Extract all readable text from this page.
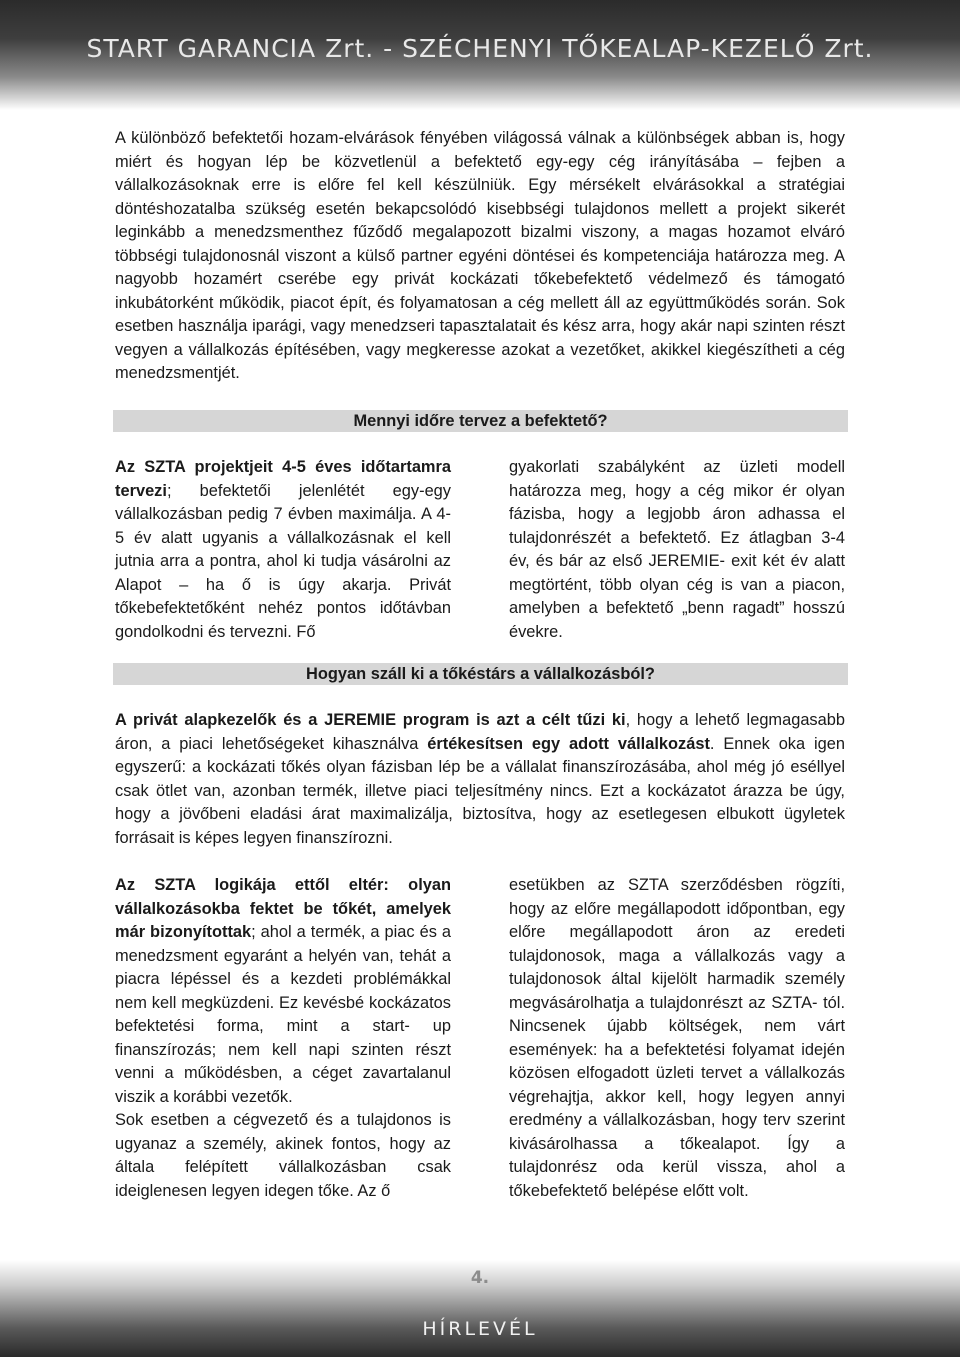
START GARANCIA Zrt. - SZÉCHENYI TŐKEALAP-KEZELŐ Zrt.
A különböző befektetői hozam-elvárások fényében világossá válnak a különbségek abban is, hogy miért és hogyan lép be közvetlenül a befektető egy-egy cég irányításába – fejben a vállalkozásoknak erre is előre fel kell készülniük. Egy mérsékelt elvárásokkal a stratégiai döntéshozatalba szükség esetén bekapcsolódó kisebbségi tulajdonos mellett a projekt sikerét leginkább a menedzsmenthez fűződő megalapozott bizalmi viszony, a magas hozamot elváró többségi tulajdonosnál viszont a külső partner egyéni döntései és kompetenciája határozza meg. A nagyobb hozamért cserébe egy privát kockázati tőkebefektető védelmező és támogató inkubátorként működik, piacot épít, és folyamatosan a cég mellett áll az együttműködés során. Sok esetben használja iparági, vagy menedzseri tapasztalatait és kész arra, hogy akár napi szinten részt vegyen a vállalkozás építésében, vagy megkeresse azokat a vezetőket, akikkel kiegészítheti a cég menedzsmentjét.
Mennyi időre tervez a befektető?
Az SZTA projektjeit 4-5 éves időtartamra tervezi; befektetői jelenlétét egy-egy vállalkozásban pedig 7 évben maximálja. A 4-5 év alatt ugyanis a vállalkozásnak el kell jutnia arra a pontra, ahol ki tudja vásárolni az Alapot – ha ő is úgy akarja. Privát tőkebefektetőként nehéz pontos időtávban gondolkodni és tervezni. Fő
gyakorlati szabályként az üzleti modell határozza meg, hogy a cég mikor ér olyan fázisba, hogy a legjobb áron adhassa el tulajdonrészét a befektető. Ez átlagban 3-4 év, és bár az első JEREMIE- exit két év alatt megtörtént, több olyan cég is van a piacon, amelyben a befektető „benn ragadt” hosszú évekre.
Hogyan száll ki a tőkéstárs a vállalkozásból?
A privát alapkezelők és a JEREMIE program is azt a célt tűzi ki, hogy a lehető legmagasabb áron, a piaci lehetőségeket kihasználva értékesítsen egy adott vállalkozást. Ennek oka igen egyszerű: a kockázati tőkés olyan fázisban lép be a vállalat finanszírozásába, ahol még jó eséllyel csak ötlet van, azonban termék, illetve piaci teljesítmény nincs. Ezt a kockázatot árazza be úgy, hogy a jövőbeni eladási árat maximalizálja, biztosítva, hogy az esetlegesen elbukott ügyletek forrásait is képes legyen finanszírozni.
Az SZTA logikája ettől eltér: olyan vállalkozásokba fektet be tőkét, amelyek már bizonyítottak; ahol a termék, a piac és a menedzsment egyaránt a helyén van, tehát a piacra lépéssel és a kezdeti problémákkal nem kell megküzdeni. Ez kevésbé kockázatos befektetési forma, mint a start- up finanszírozás; nem kell napi szinten részt venni a működésben, a céget zavartalanul viszik a korábbi vezetők.
Sok esetben a cégvezető és a tulajdonos is ugyanaz a személy, akinek fontos, hogy az általa felépített vállalkozásban csak ideiglenesen legyen idegen tőke. Az ő
esetükben az SZTA szerződésben rögzíti, hogy az előre megállapodott időpontban, egy előre megállapodott áron az eredeti tulajdonosok, maga a vállalkozás vagy a tulajdonosok által kijelölt harmadik személy megvásárolhatja a tulajdonrészt az SZTA- tól. Nincsenek újabb költségek, nem várt események: ha a befektetési folyamat idején közösen elfogadott üzleti tervet a vállalkozás végrehajtja, akkor kell, hogy legyen annyi eredmény a vállalkozásban, hogy terv szerint kivásárolhassa a tőkealapot. Így a tulajdonrész oda kerül vissza, ahol a tőkebefektető belépése előtt volt.
4.
HÍRLEVÉL
